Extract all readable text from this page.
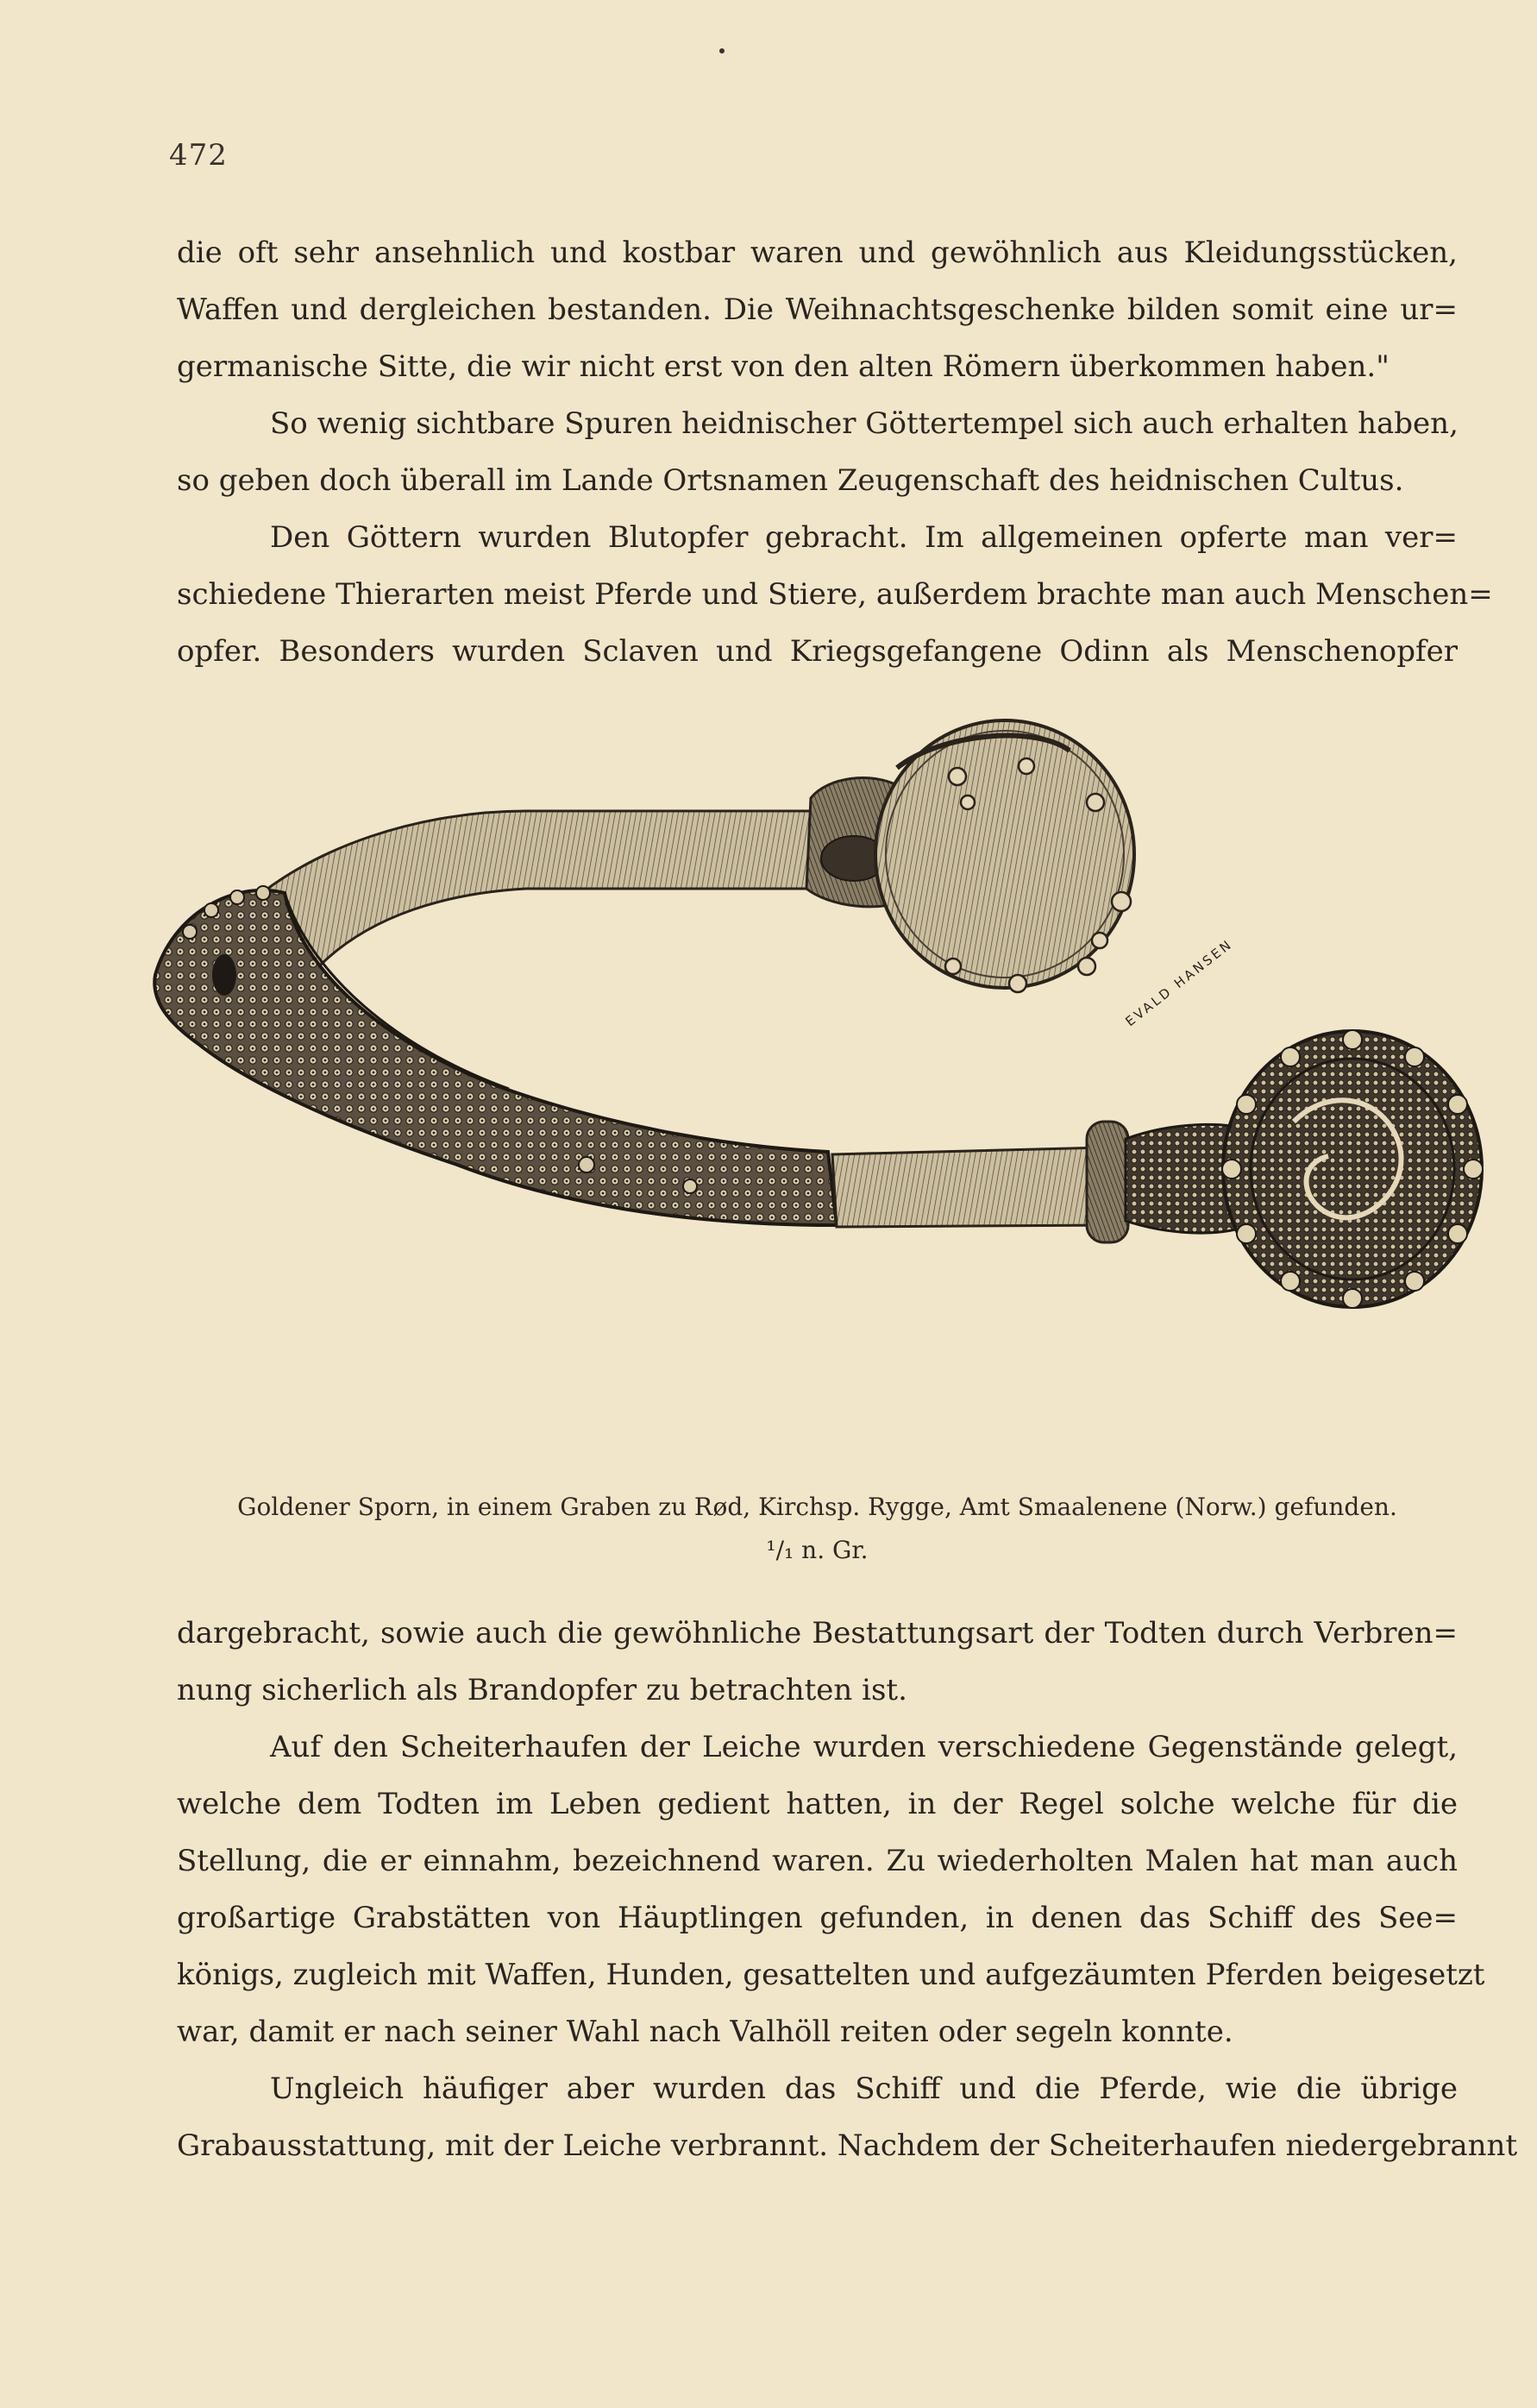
472
die oft sehr ansehnlich und kostbar waren und gewöhnlich aus Kleidungsstücken,
Waffen und dergleichen bestanden. Die Weihnachtsgeschenke bilden somit eine ur=
germanische Sitte, die wir nicht erst von den alten Römern überkommen haben."
So wenig sichtbare Spuren heidnischer Göttertempel sich auch erhalten haben,
so geben doch überall im Lande Ortsnamen Zeugenschaft des heidnischen Cultus.
Den Göttern wurden Blutopfer gebracht. Im allgemeinen opferte man ver=
schiedene Thierarten meist Pferde und Stiere, außerdem brachte man auch Menschen=
opfer. Besonders wurden Sclaven und Kriegsgefangene Odinn als Menschenopfer
EVALD HANSEN
Goldener Sporn, in einem Graben zu Rød, Kirchsp. Rygge, Amt Smaalenene (Norw.) gefunden.
¹/₁ n. Gr.
dargebracht, sowie auch die gewöhnliche Bestattungsart der Todten durch Verbren=
nung sicherlich als Brandopfer zu betrachten ist.
Auf den Scheiterhaufen der Leiche wurden verschiedene Gegenstände gelegt,
welche dem Todten im Leben gedient hatten, in der Regel solche welche für die
Stellung, die er einnahm, bezeichnend waren. Zu wiederholten Malen hat man auch
großartige Grabstätten von Häuptlingen gefunden, in denen das Schiff des See=
königs, zugleich mit Waffen, Hunden, gesattelten und aufgezäumten Pferden beigesetzt
war, damit er nach seiner Wahl nach Valhöll reiten oder segeln konnte.
Ungleich häufiger aber wurden das Schiff und die Pferde, wie die übrige
Grabausstattung, mit der Leiche verbrannt. Nachdem der Scheiterhaufen niedergebrannt
